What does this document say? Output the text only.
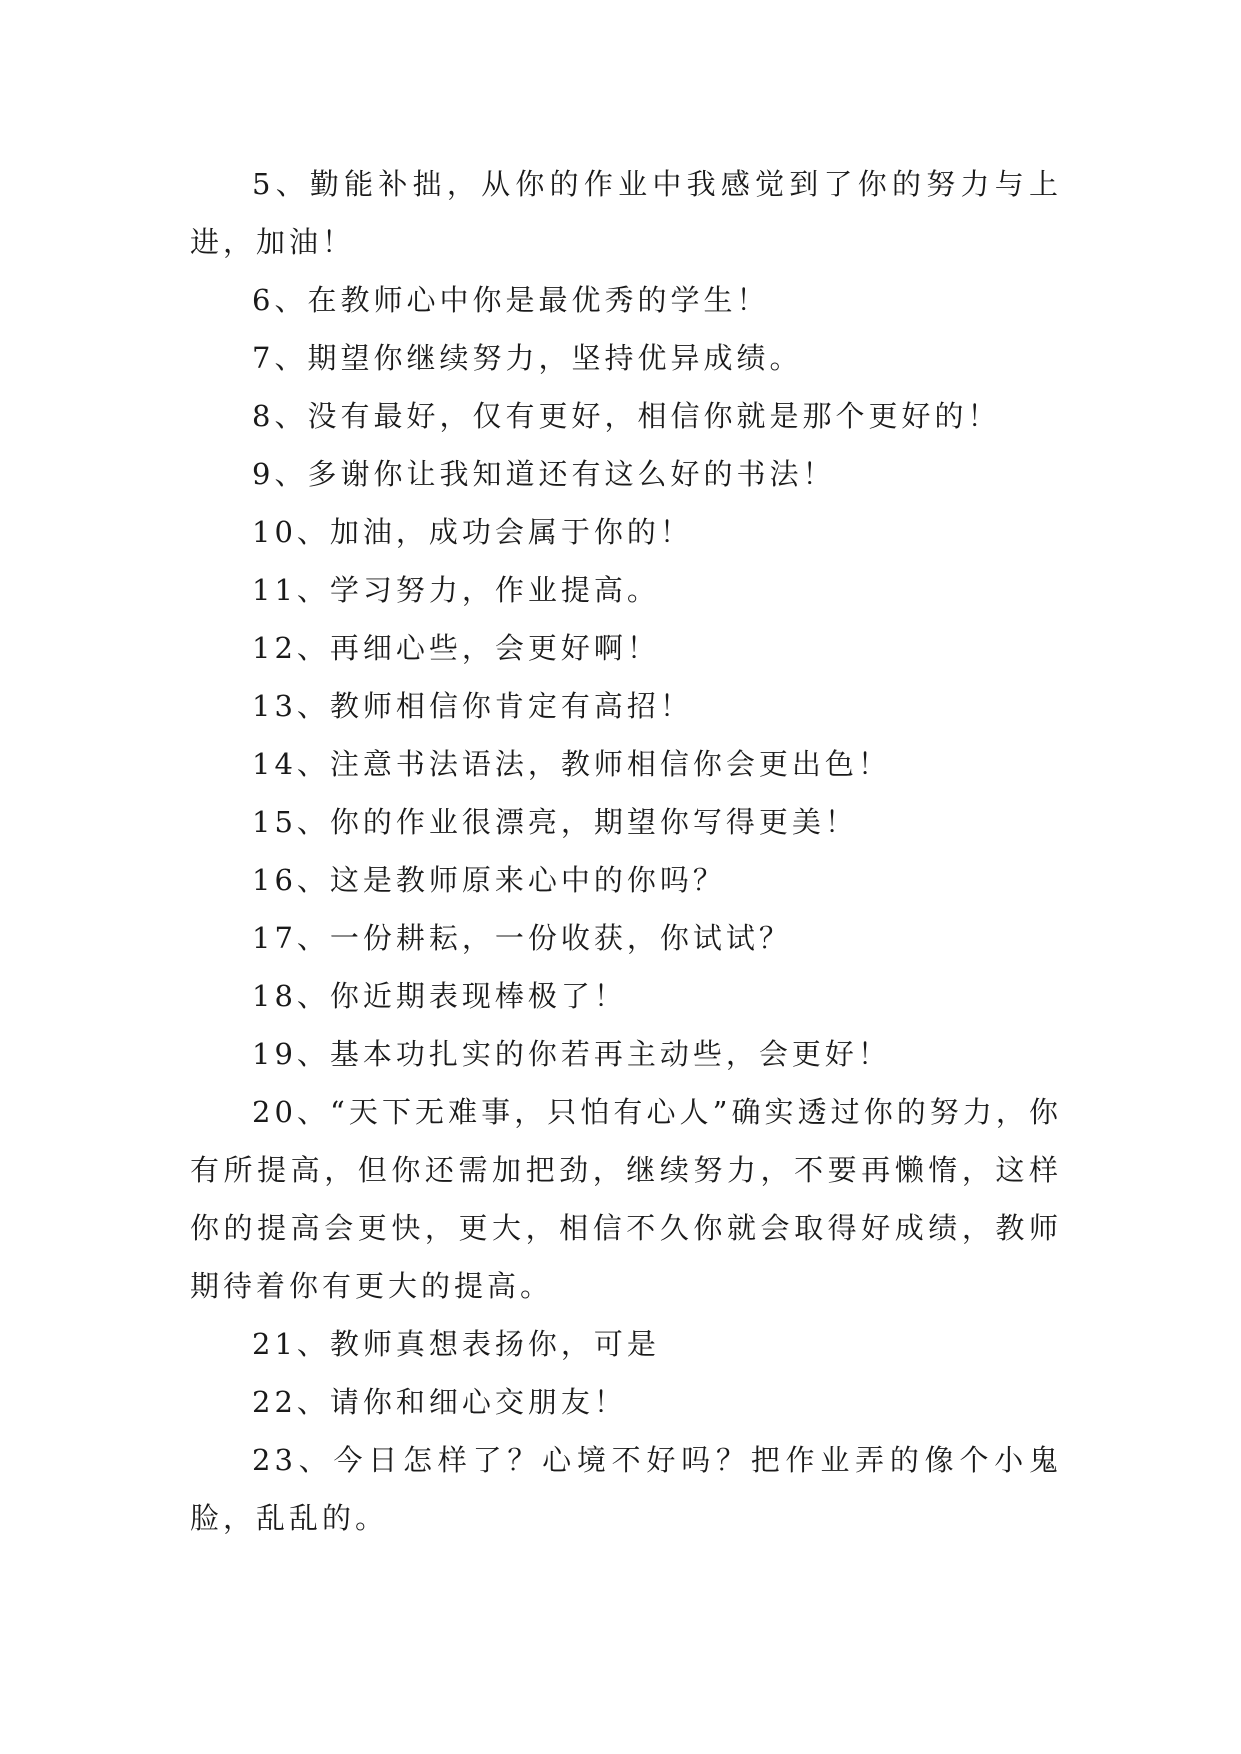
5、勤能补拙，从你的作业中我感觉到了你的努力与上进，加油！

6、在教师心中你是最优秀的学生！

7、期望你继续努力，坚持优异成绩。

8、没有最好，仅有更好，相信你就是那个更好的！

9、多谢你让我知道还有这么好的书法！

10、加油，成功会属于你的！

11、学习努力，作业提高。

12、再细心些，会更好啊！

13、教师相信你肯定有高招！

14、注意书法语法，教师相信你会更出色！

15、你的作业很漂亮，期望你写得更美！

16、这是教师原来心中的你吗？

17、一份耕耘，一份收获，你试试？

18、你近期表现棒极了！

19、基本功扎实的你若再主动些，会更好！

20、“天下无难事，只怕有心人”确实透过你的努力，你有所提高，但你还需加把劲，继续努力，不要再懒惰，这样你的提高会更快，更大，相信不久你就会取得好成绩，教师期待着你有更大的提高。

21、教师真想表扬你，可是

22、请你和细心交朋友！

23、今日怎样了？心境不好吗？把作业弄的像个小鬼脸，乱乱的。
